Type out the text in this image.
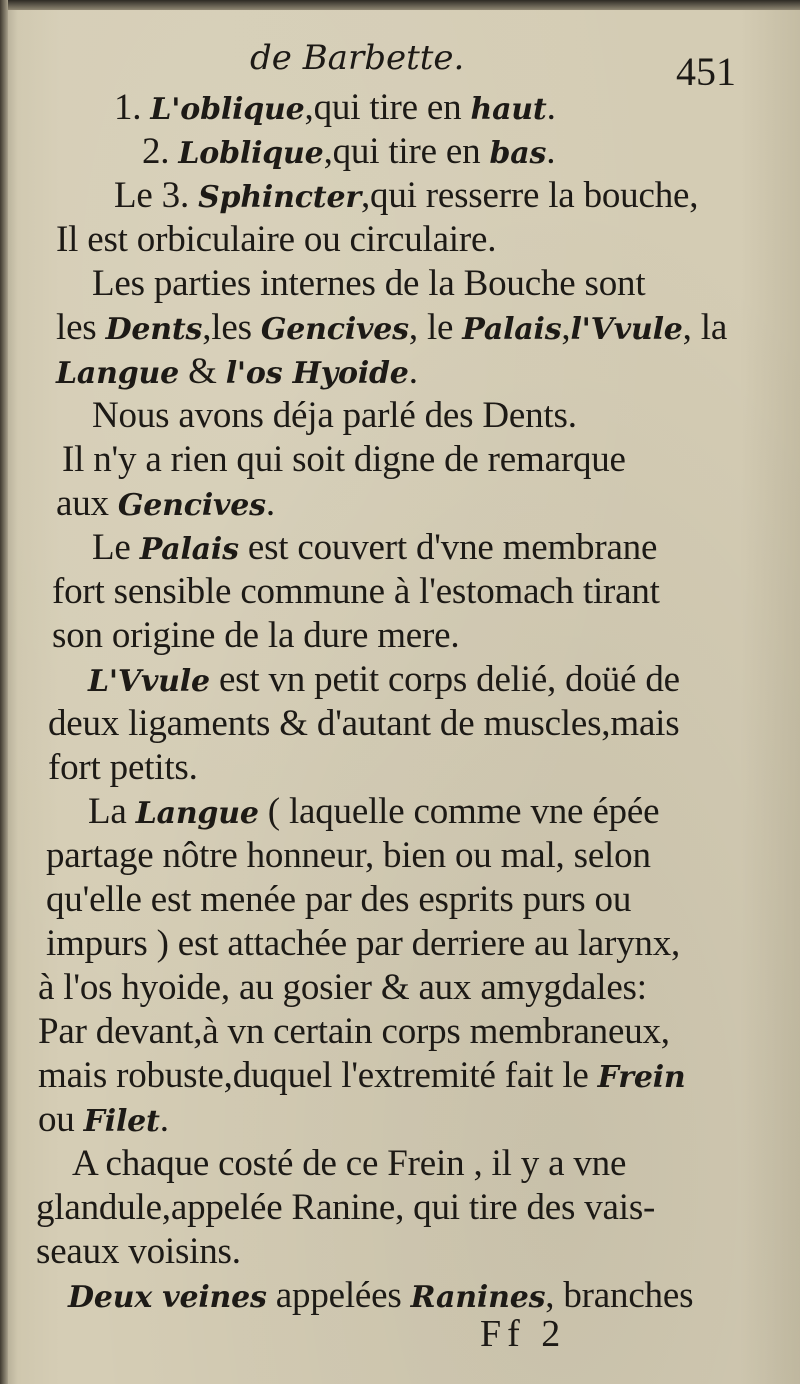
de Barbette.	451
1. L'oblique,qui tire en haut.
2. Loblique,qui tire en bas.
Le 3. Sphincter,qui resserre la bouche,
Il est orbiculaire ou circulaire.
Les parties internes de la Bouche sont
les Dents,les Gencives, le Palais,l'Vvule, la
Langue & l'os Hyoide.
Nous avons déja parlé des Dents.
Il n'y a rien qui soit digne de remarque
aux Gencives.
Le Palais est couvert d'vne membrane
fort sensible commune à l'estomach tirant
son origine de la dure mere.
L'Vvule est vn petit corps delié, doüé de
deux ligaments & d'autant de muscles,mais
fort petits.
La Langue ( laquelle comme vne épée
partage nôtre honneur, bien ou mal, selon
qu'elle est menée par des esprits purs ou
impurs ) est attachée par derriere au larynx,
à l'os hyoide, au gosier & aux amygdales:
Par devant,à vn certain corps membraneux,
mais robuste,duquel l'extremité fait le Frein
ou Filet.
A chaque costé de ce Frein , il y a vne
glandule,appelée Ranine, qui tire des vais-
seaux voisins.
Deux veines appelées Ranines, branches
Ff 2
